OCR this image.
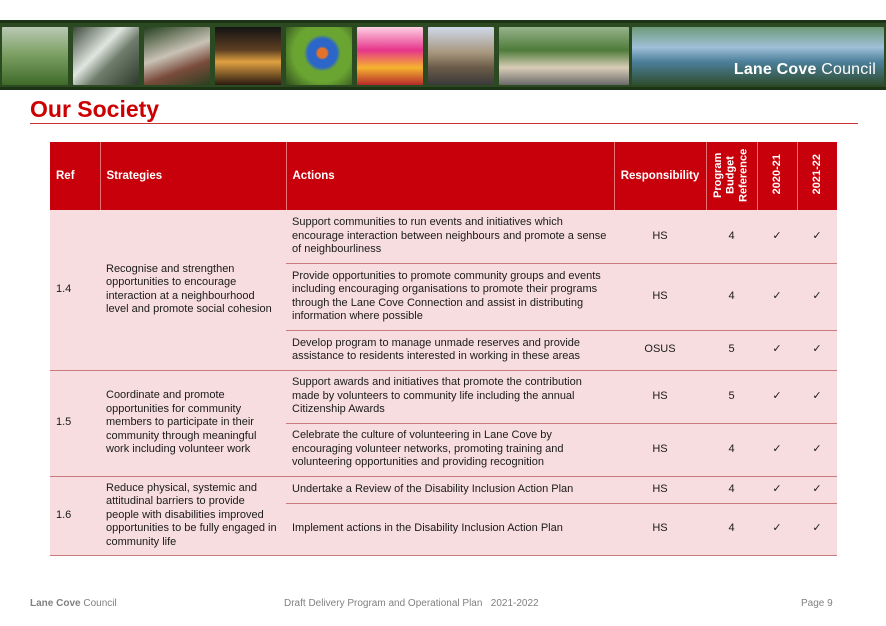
Lane Cove Council
Our Society
Ref	Strategies	Actions	Responsibility	Program Budget Reference	2020-21	2021-22
1.4	Recognise and strengthen opportunities to encourage interaction at a neighbourhood level and promote social cohesion	Support communities to run events and initiatives which encourage interaction between neighbours and promote a sense of neighbourliness	HS	4	✓	✓
		Provide opportunities to promote community groups and events including encouraging organisations to promote their programs through the Lane Cove Connection and assist in distributing information where possible	HS	4	✓	✓
		Develop program to manage unmade reserves and provide assistance to residents interested in working in these areas	OSUS	5	✓	✓
1.5	Coordinate and promote opportunities for community members to participate in their community through meaningful work including volunteer work	Support awards and initiatives that promote the contribution made by volunteers to community life including the annual Citizenship Awards	HS	5	✓	✓
		Celebrate the culture of volunteering in Lane Cove by encouraging volunteer networks, promoting training and volunteering opportunities and providing recognition	HS	4	✓	✓
1.6	Reduce physical, systemic and attitudinal barriers to provide people with disabilities improved opportunities to be fully engaged in community life	Undertake a Review of the Disability Inclusion Action Plan	HS	4	✓	✓
		Implement actions in the Disability Inclusion Action Plan	HS	4	✓	✓
Lane Cove Council	Draft Delivery Program and Operational Plan   2021-2022	Page 9
